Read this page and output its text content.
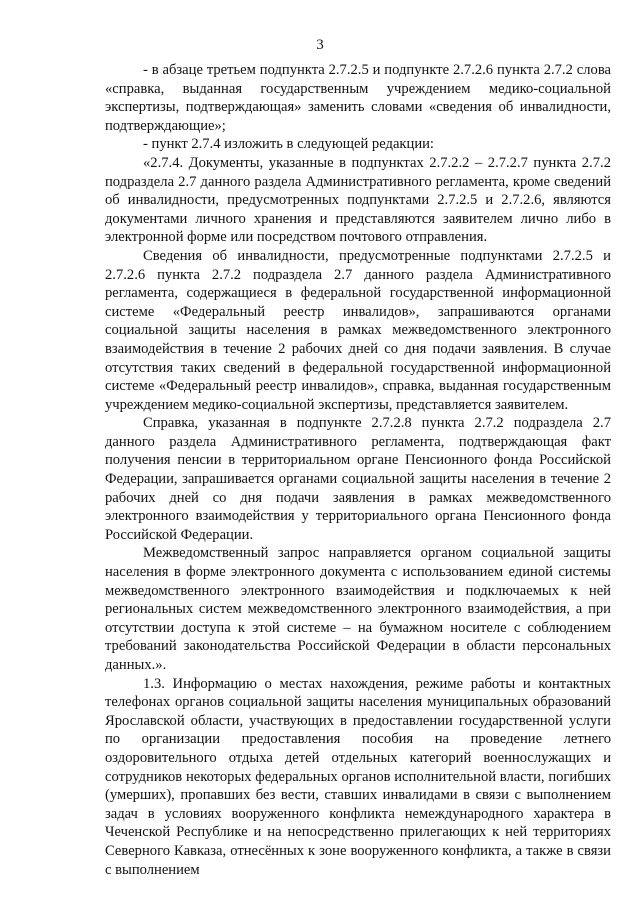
3

- в абзаце третьем подпункта 2.7.2.5 и подпункте 2.7.2.6 пункта 2.7.2 слова «справка, выданная государственным учреждением медико-социальной экспертизы, подтверждающая» заменить словами «сведения об инвалидности, подтверждающие»;

- пункт 2.7.4 изложить в следующей редакции:

«2.7.4. Документы, указанные в подпунктах 2.7.2.2 – 2.7.2.7 пункта 2.7.2 подраздела 2.7 данного раздела Административного регламента, кроме сведений об инвалидности, предусмотренных подпунктами 2.7.2.5 и 2.7.2.6, являются документами личного хранения и представляются заявителем лично либо в электронной форме или посредством почтового отправления.

Сведения об инвалидности, предусмотренные подпунктами 2.7.2.5 и 2.7.2.6 пункта 2.7.2 подраздела 2.7 данного раздела Административного регламента, содержащиеся в федеральной государственной информационной системе «Федеральный реестр инвалидов», запрашиваются органами социальной защиты населения в рамках межведомственного электронного взаимодействия в течение 2 рабочих дней со дня подачи заявления. В случае отсутствия таких сведений в федеральной государственной информационной системе «Федеральный реестр инвалидов», справка, выданная государственным учреждением медико-социальной экспертизы, представляется заявителем.

Справка, указанная в подпункте 2.7.2.8 пункта 2.7.2 подраздела 2.7 данного раздела Административного регламента, подтверждающая факт получения пенсии в территориальном органе Пенсионного фонда Российской Федерации, запрашивается органами социальной защиты населения в течение 2 рабочих дней со дня подачи заявления в рамках межведомственного электронного взаимодействия у территориального органа Пенсионного фонда Российской Федерации.

Межведомственный запрос направляется органом социальной защиты населения в форме электронного документа с использованием единой системы межведомственного электронного взаимодействия и подключаемых к ней региональных систем межведомственного электронного взаимодействия, а при отсутствии доступа к этой системе – на бумажном носителе с соблюдением требований законодательства Российской Федерации в области персональных данных.».

1.3. Информацию о местах нахождения, режиме работы и контактных телефонах органов социальной защиты населения муниципальных образований Ярославской области, участвующих в предоставлении государственной услуги по организации предоставления пособия на проведение летнего оздоровительного отдыха детей отдельных категорий военнослужащих и сотрудников некоторых федеральных органов исполнительной власти, погибших (умерших), пропавших без вести, ставших инвалидами в связи с выполнением задач в условиях вооруженного конфликта немеждународного характера в Чеченской Республике и на непосредственно прилегающих к ней территориях Северного Кавказа, отнесённых к зоне вооруженного конфликта, а также в связи с выполнением
